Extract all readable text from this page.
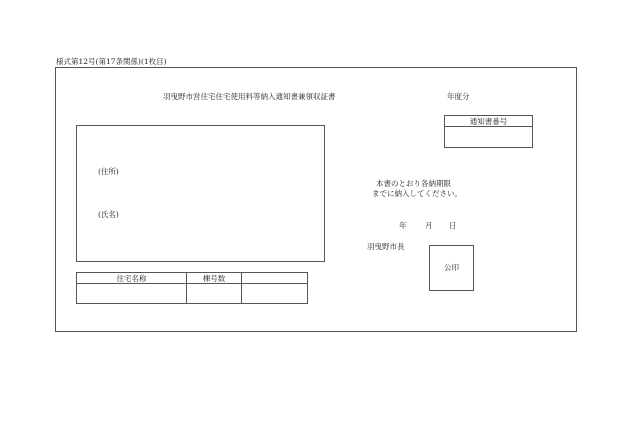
様式第12号(第17条関係)(1枚目)
羽曳野市営住宅住宅使用料等納入通知書兼領収証書	年度分
通知書番号
(住所)
(氏名)
本書のとおり各納期限
までに納入してください。
年 月 日
羽曳野市長
公印
住宅名称	棟号数
